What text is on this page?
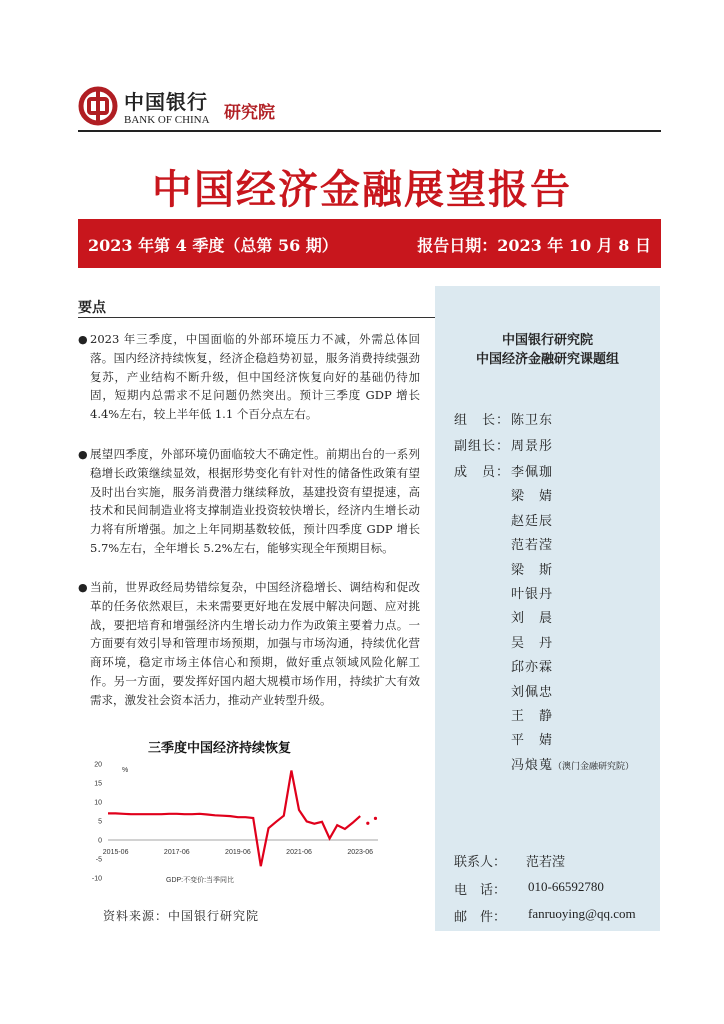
中国银行
BANK OF CHINA 研究院
中国经济金融展望报告
2023 年第 4 季度（总第 56 期）	报告日期：2023 年 10 月 8 日
要点
● 2023 年三季度，中国面临的外部环境压力不减，外需总体回落。国内经济持续恢复，经济企稳趋势初显，服务消费持续强劲复苏，产业结构不断升级，但中国经济恢复向好的基础仍待加固，短期内总需求不足问题仍然突出。预计三季度 GDP 增长 4.4%左右，较上半年低 1.1 个百分点左右。
● 展望四季度，外部环境仍面临较大不确定性。前期出台的一系列稳增长政策继续显效，根据形势变化有针对性的储备性政策有望及时出台实施，服务消费潜力继续释放，基建投资有望提速，高技术和民间制造业将支撑制造业投资较快增长，经济内生增长动力将有所增强。加之上年同期基数较低，预计四季度 GDP 增长 5.7%左右，全年增长 5.2%左右，能够实现全年预期目标。
● 当前，世界政经局势错综复杂，中国经济稳增长、调结构和促改革的任务依然艰巨，未来需要更好地在发展中解决问题、应对挑战，要把培育和增强经济内生增长动力作为政策主要着力点。一方面要有效引导和管理市场预期，加强与市场沟通，持续优化营商环境，稳定市场主体信心和预期，做好重点领域风险化解工作。另一方面，要发挥好国内超大规模市场作用，持续扩大有效需求，激发社会资本活力，推动产业转型升级。
三季度中国经济持续恢复
20
15
10
5
0
-5
-10
2015-06	2017-06	2019-06	2021-06	2023-06
%
GDP:不变价:当季同比
资料来源：中国银行研究院
中国银行研究院
中国经济金融研究课题组
组　长： 陈卫东
副组长： 周景彤
成　员： 李佩珈
梁　婧
赵廷辰
范若滢
梁　斯
叶银丹
刘　晨
吴　丹
邱亦霖
刘佩忠
王　静
平　婧
冯烺蒐（澳门金融研究院）
联系人： 范若滢
电　话： 010-66592780
邮　件： fanruoying@qq.com
